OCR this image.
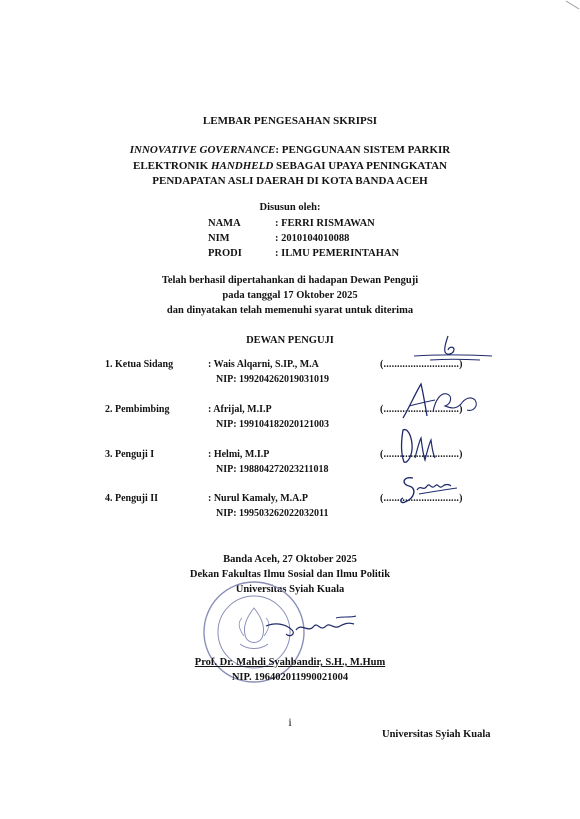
LEMBAR PENGESAHAN SKRIPSI
INNOVATIVE GOVERNANCE: PENGGUNAAN SISTEM PARKIR
ELEKTRONIK HANDHELD SEBAGAI UPAYA PENINGKATAN
PENDAPATAN ASLI DAERAH DI KOTA BANDA ACEH
Disusun oleh:
NAMA	: FERRI RISMAWAN
NIM	: 2010104010088
PRODI	: ILMU PEMERINTAHAN
Telah berhasil dipertahankan di hadapan Dewan Penguji
pada tanggal 17 Oktober 2025
dan dinyatakan telah memenuhi syarat untuk diterima
DEWAN PENGUJI
1. Ketua Sidang	: Wais Alqarni, S.IP., M.A
NIP: 199204262019031019
(............................)
2. Pembimbing	: Afrijal, M.I.P
NIP: 199104182020121003
(............................)
3. Penguji I	: Helmi, M.I.P
NIP: 198804272023211018
(............................)
4. Penguji II	: Nurul Kamaly, M.A.P
NIP: 199503262022032011
(............................)
Banda Aceh, 27 Oktober 2025
Dekan Fakultas Ilmu Sosial dan Ilmu Politik
Universitas Syiah Kuala
Prof. Dr. Mahdi Syahbandir, S.H., M.Hum
NIP. 196402011990021004
i
Universitas Syiah Kuala
